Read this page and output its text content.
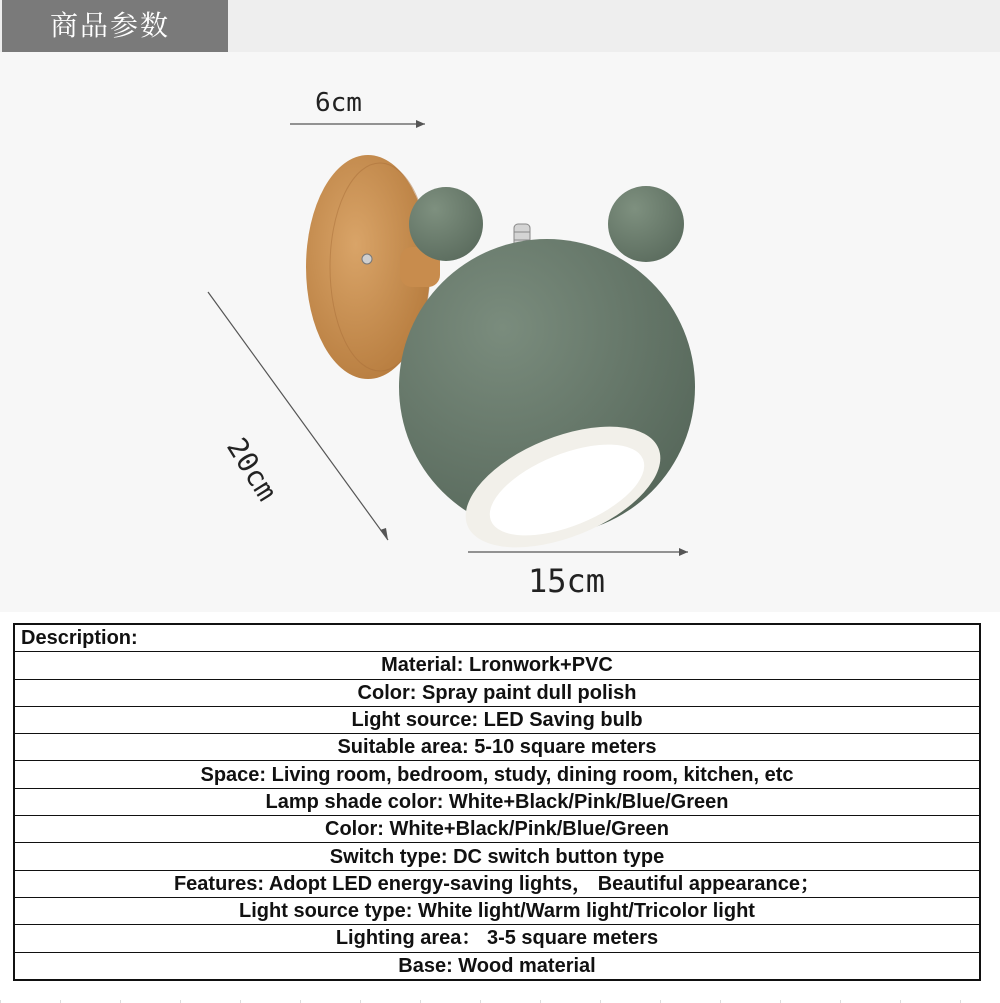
商品参数
6cm
20cm
15cm
Description:
Material: Lronwork+PVC
Color: Spray paint dull polish
Light source: LED Saving bulb
Suitable area: 5-10 square meters
Space: Living room, bedroom, study, dining room, kitchen, etc
Lamp shade color: White+Black/Pink/Blue/Green
Color: White+Black/Pink/Blue/Green
Switch type: DC switch button type
Features: Adopt LED energy-saving lights， Beautiful appearance；
Light source type: White light/Warm light/Tricolor light
Lighting area： 3-5 square meters
Base: Wood material
